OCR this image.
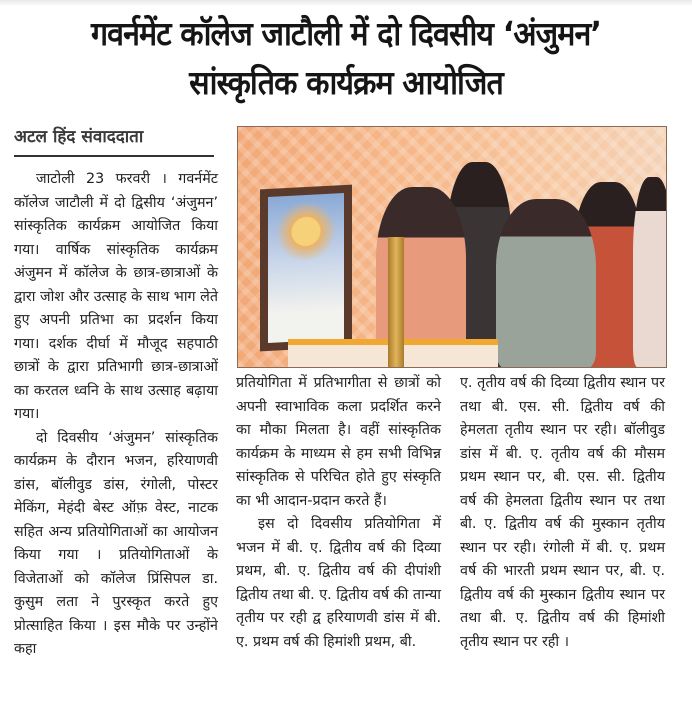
गवर्नमेंट कॉलेज जाटौली में दो दिवसीय ‘अंजुमन’
सांस्कृतिक कार्यक्रम आयोजित
अटल हिंद संवाददाता

जाटोली 23 फरवरी । गवर्नमेंट कॉलेज जाटौली में दो द्विसीय ‘अंजुमन’ सांस्कृतिक कार्यक्रम आयोजित किया गया। वार्षिक सांस्कृतिक कार्यक्रम अंजुमन में कॉलेज के छात्र-छात्राओं के द्वारा जोश और उत्साह के साथ भाग लेते हुए अपनी प्रतिभा का प्रदर्शन किया गया। दर्शक दीर्घा में मौजूद सहपाठी छात्रों के द्वारा प्रतिभागी छात्र-छात्राओं का करतल ध्वनि के साथ उत्साह बढ़ाया गया।

दो दिवसीय ‘अंजुमन’ सांस्कृतिक कार्यक्रम के दौरान भजन, हरियाणवी डांस, बॉलीवुड डांस, रंगोली, पोस्टर मेकिंग, मेहंदी बेस्ट ऑफ़ वेस्ट, नाटक सहित अन्य प्रतियोगिताओं का आयोजन किया गया । प्रतियोगिताओं के विजेताओं को कॉलेज प्रिंसिपल डा. कुसुम लता ने पुरस्कृत करते हुए प्रोत्साहित किया । इस मौके पर उन्होंने कहा

प्रतियोगिता में प्रतिभागीता से छात्रों को अपनी स्वाभाविक कला प्रदर्शित करने का मौका मिलता है। वहीं सांस्कृतिक कार्यक्रम के माध्यम से हम सभी विभिन्न सांस्कृतिक से परिचित होते हुए संस्कृति का भी आदान-प्रदान करते हैं।

इस दो दिवसीय प्रतियोगिता में भजन में बी. ए. द्वितीय वर्ष की दिव्या प्रथम, बी. ए. द्वितीय वर्ष की दीपांशी द्वितीय तथा बी. ए. द्वितीय वर्ष की तान्या तृतीय पर रही द्व हरियाणवी डांस में बी. ए. प्रथम वर्ष की हिमांशी प्रथम, बी.

ए. तृतीय वर्ष की दिव्या द्वितीय स्थान पर तथा बी. एस. सी. द्वितीय वर्ष की हेमलता तृतीय स्थान पर रही। बॉलीवुड डांस में बी. ए. तृतीय वर्ष की मौसम प्रथम स्थान पर, बी. एस. सी. द्वितीय वर्ष की हेमलता द्वितीय स्थान पर तथा बी. ए. द्वितीय वर्ष की मुस्कान तृतीय स्थान पर रही। रंगोली में बी. ए. प्रथम वर्ष की भारती प्रथम स्थान पर, बी. ए. द्वितीय वर्ष की मुस्कान द्वितीय स्थान पर तथा बी. ए. द्वितीय वर्ष की हिमांशी तृतीय स्थान पर रही ।
